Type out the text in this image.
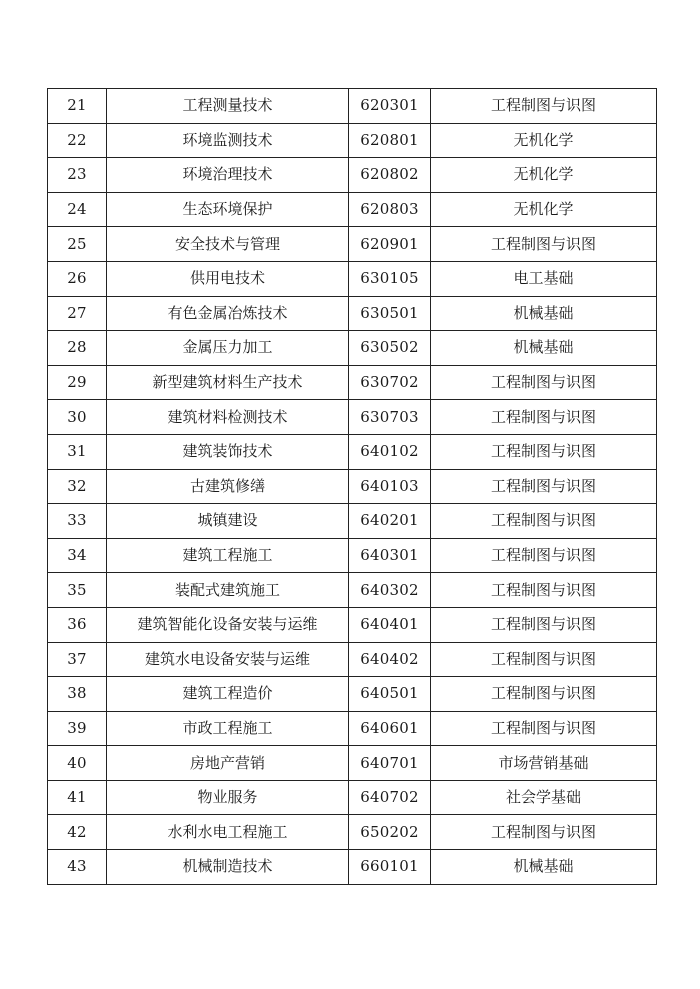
21	工程测量技术	620301	工程制图与识图
22	环境监测技术	620801	无机化学
23	环境治理技术	620802	无机化学
24	生态环境保护	620803	无机化学
25	安全技术与管理	620901	工程制图与识图
26	供用电技术	630105	电工基础
27	有色金属冶炼技术	630501	机械基础
28	金属压力加工	630502	机械基础
29	新型建筑材料生产技术	630702	工程制图与识图
30	建筑材料检测技术	630703	工程制图与识图
31	建筑装饰技术	640102	工程制图与识图
32	古建筑修缮	640103	工程制图与识图
33	城镇建设	640201	工程制图与识图
34	建筑工程施工	640301	工程制图与识图
35	装配式建筑施工	640302	工程制图与识图
36	建筑智能化设备安装与运维	640401	工程制图与识图
37	建筑水电设备安装与运维	640402	工程制图与识图
38	建筑工程造价	640501	工程制图与识图
39	市政工程施工	640601	工程制图与识图
40	房地产营销	640701	市场营销基础
41	物业服务	640702	社会学基础
42	水利水电工程施工	650202	工程制图与识图
43	机械制造技术	660101	机械基础
